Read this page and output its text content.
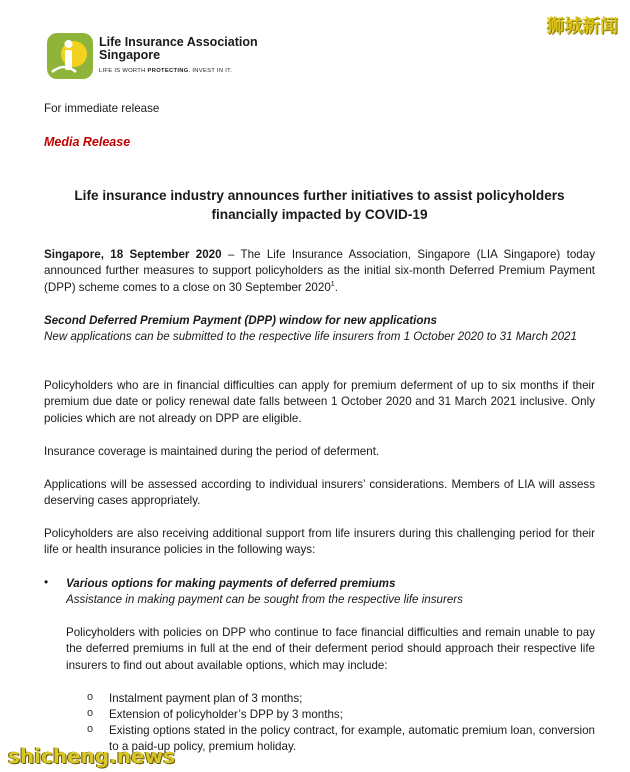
Life Insurance Association
Singapore
LIFE IS WORTH PROTECTING. INVEST IN IT.
狮城新闻

For immediate release

Media Release

Life insurance industry announces further initiatives to assist policyholders financially impacted by COVID-19

Singapore, 18 September 2020 – The Life Insurance Association, Singapore (LIA Singapore) today announced further measures to support policyholders as the initial six-month Deferred Premium Payment (DPP) scheme comes to a close on 30 September 2020$^1$.

Second Deferred Premium Payment (DPP) window for new applications

New applications can be submitted to the respective life insurers from 1 October 2020 to 31 March 2021

Policyholders who are in financial difficulties can apply for premium deferment of up to six months if their premium due date or policy renewal date falls between 1 October 2020 and 31 March 2021 inclusive. Only policies which are not already on DPP are eligible.

Insurance coverage is maintained during the period of deferment.

Applications will be assessed according to individual insurers’ considerations. Members of LIA will assess deserving cases appropriately.

Policyholders are also receiving additional support from life insurers during this challenging period for their life or health insurance policies in the following ways:

• Various options for making payments of deferred premiums

Assistance in making payment can be sought from the respective life insurers

Policyholders with policies on DPP who continue to face financial difficulties and remain unable to pay the deferred premiums in full at the end of their deferment period should approach their respective life insurers to find out about available options, which may include:

o Instalment payment plan of 3 months;

o Extension of policyholder’s DPP by 3 months;

o Existing options stated in the policy contract, for example, automatic premium loan, conversion to a paid-up policy, premium holiday.

shicheng.news
